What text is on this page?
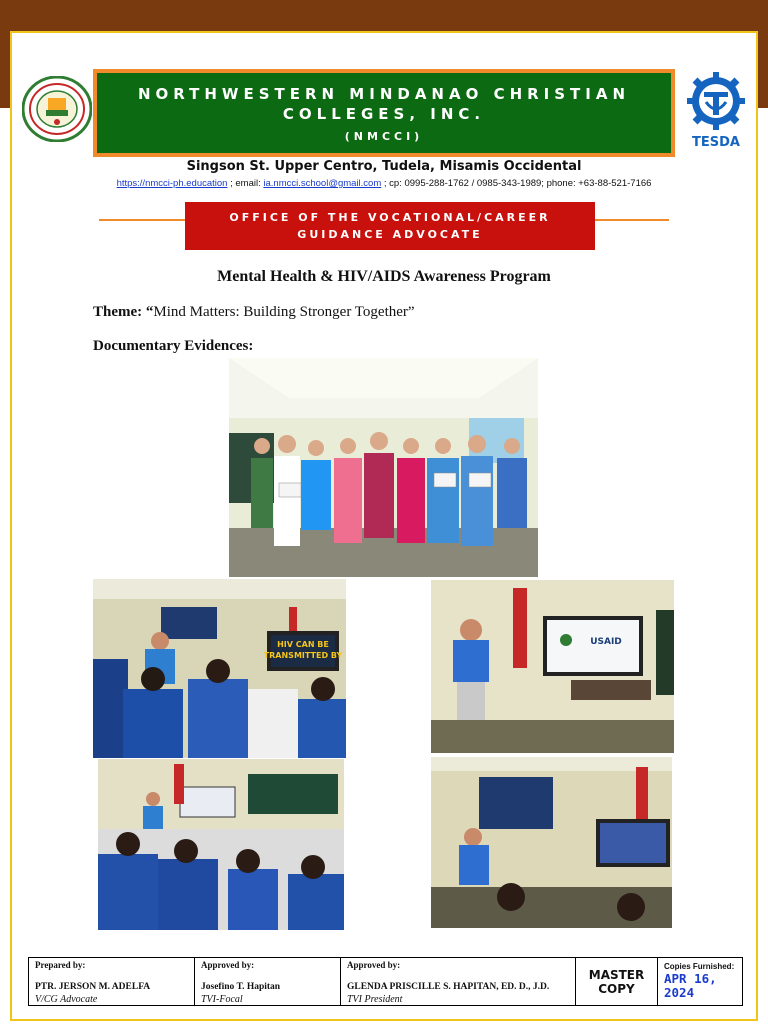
NORTHWESTERN MINDANAO CHRISTIAN COLLEGES, INC.
(NMCCI)	TESDA
Singson St. Upper Centro, Tudela, Misamis Occidental
https://nmcci-ph.education ; email: ia.nmcci.school@gmail.com ; cp: 0995-288-1762 / 0985-343-1989; phone: +63-88-521-7166
OFFICE OF THE VOCATIONAL/CAREER
GUIDANCE ADVOCATE
Mental Health & HIV/AIDS Awareness Program
Theme: “Mind Matters: Building Stronger Together”
Documentary Evidences:
HIV CAN BE
TRANSMITTED BY
USAID
Prepared by:
PTR. JERSON M. ADELFA
V/CG Advocate
Approved by:
Josefino T. Hapitan
TVI-Focal
Approved by:
GLENDA PRISCILLE S. HAPITAN, ED. D., J.D.
TVI President
MASTER
COPY
Copies Furnished:
APR 16,
2024
